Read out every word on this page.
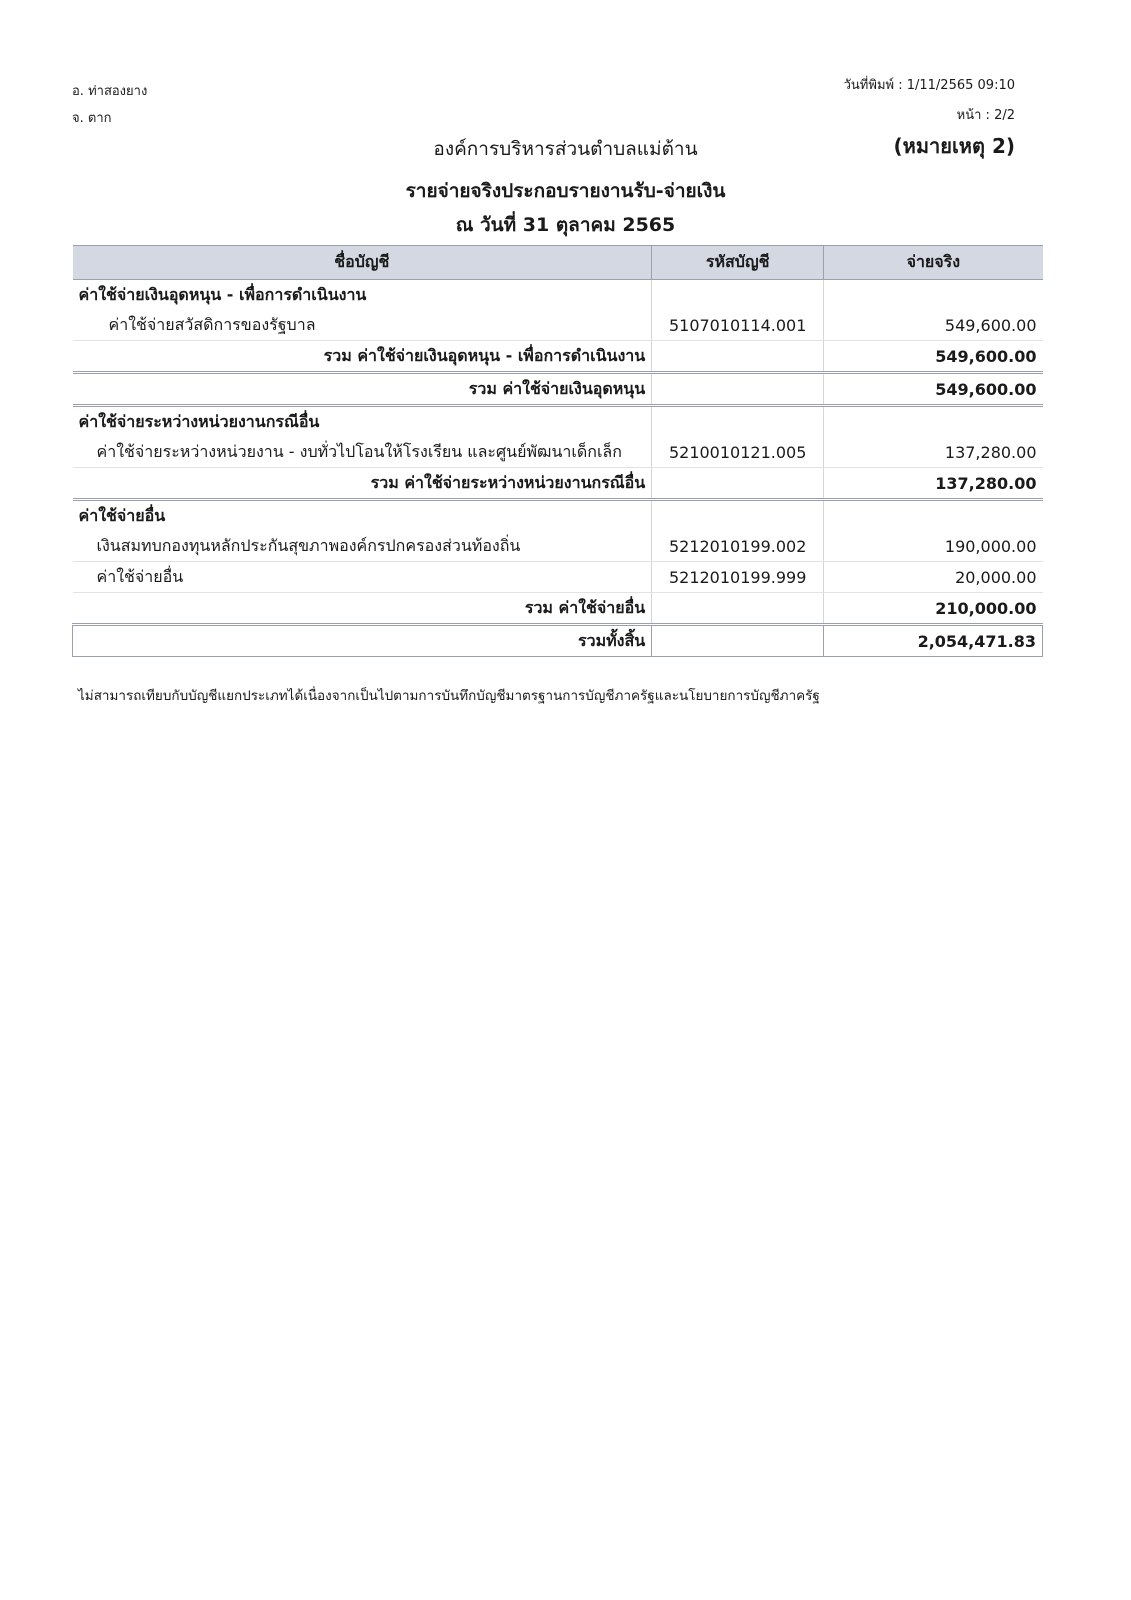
อ. ท่าสองยาง
จ. ตาก
วันที่พิมพ์ : 1/11/2565 09:10
หน้า : 2/2
องค์การบริหารส่วนตำบลแม่ต้าน	(หมายเหตุ 2)
รายจ่ายจริงประกอบรายงานรับ-จ่ายเงิน
ณ วันที่ 31 ตุลาคม 2565
ชื่อบัญชี	รหัสบัญชี	จ่ายจริง
ค่าใช้จ่ายเงินอุดหนุน - เพื่อการดำเนินงาน		
ค่าใช้จ่ายสวัสดิการของรัฐบาล	5107010114.001	549,600.00
รวม ค่าใช้จ่ายเงินอุดหนุน - เพื่อการดำเนินงาน		549,600.00
รวม ค่าใช้จ่ายเงินอุดหนุน		549,600.00
ค่าใช้จ่ายระหว่างหน่วยงานกรณีอื่น		
ค่าใช้จ่ายระหว่างหน่วยงาน - งบทั่วไปโอนให้โรงเรียน และศูนย์พัฒนาเด็กเล็ก	5210010121.005	137,280.00
รวม ค่าใช้จ่ายระหว่างหน่วยงานกรณีอื่น		137,280.00
ค่าใช้จ่ายอื่น		
เงินสมทบกองทุนหลักประกันสุขภาพองค์กรปกครองส่วนท้องถิ่น	5212010199.002	190,000.00
ค่าใช้จ่ายอื่น	5212010199.999	20,000.00
รวม ค่าใช้จ่ายอื่น		210,000.00
รวมทั้งสิ้น		2,054,471.83
ไม่สามารถเทียบกับบัญชีแยกประเภทได้เนื่องจากเป็นไปตามการบันทึกบัญชีมาตรฐานการบัญชีภาครัฐและนโยบายการบัญชีภาครัฐ
